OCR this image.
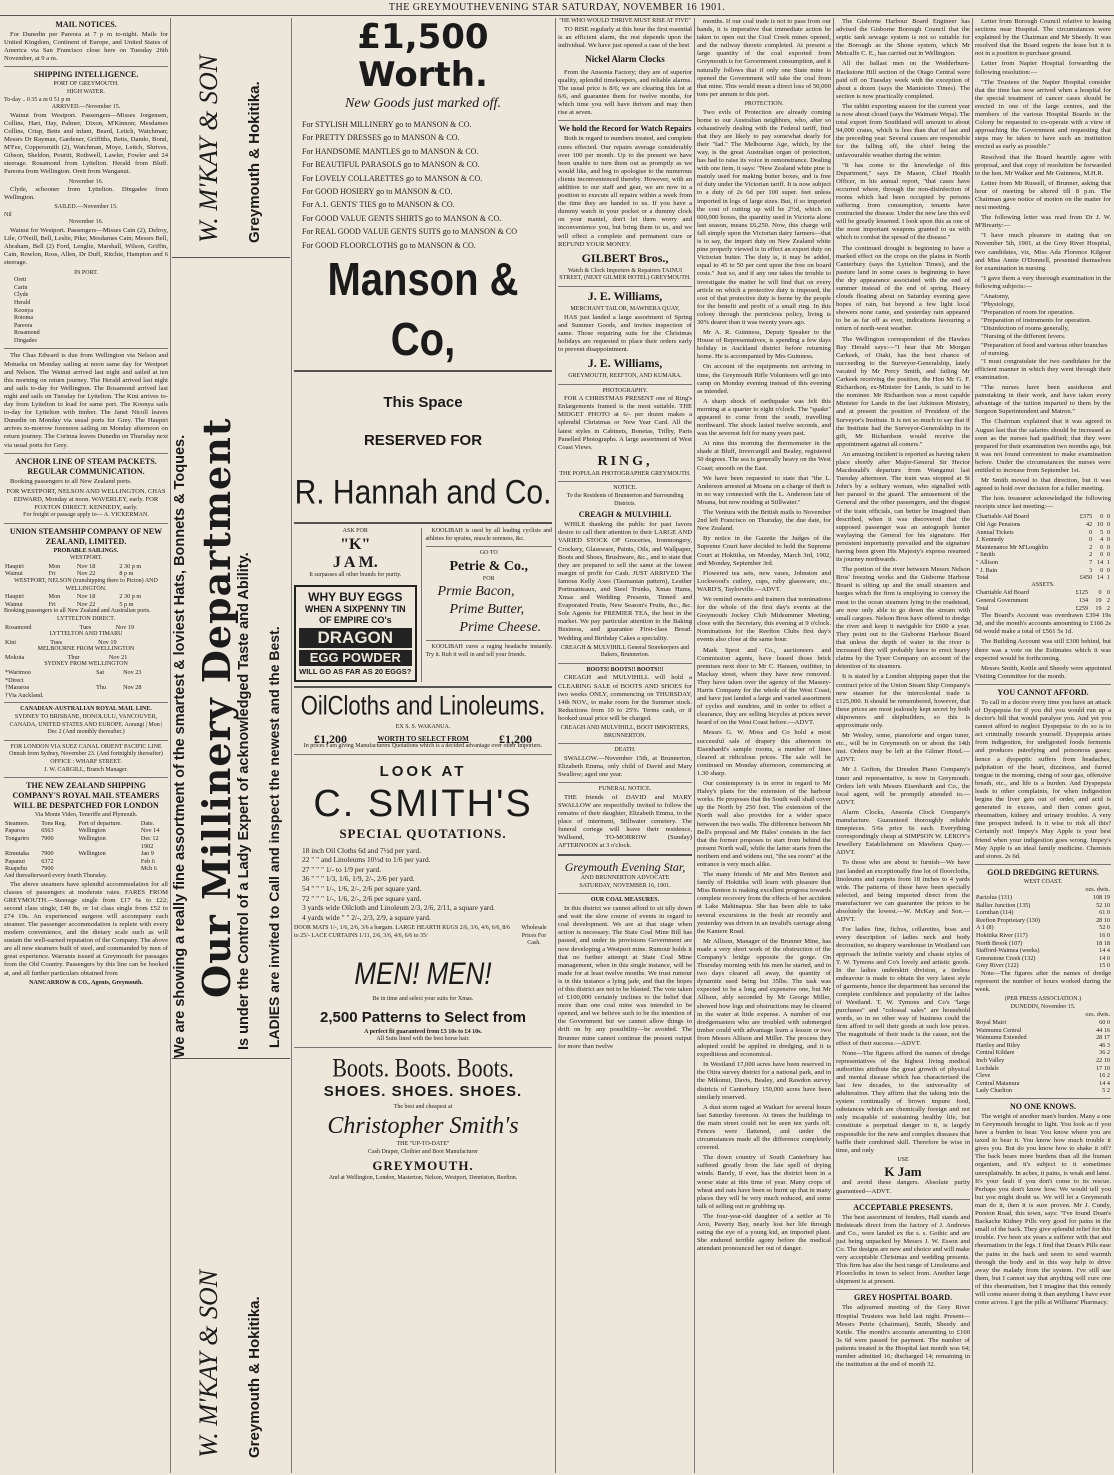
THE GREYMOUTHEVENING STAR SATURDAY, NOVEMBER 16 1901.
MAIL NOTICES.
For Dunedin per Pareora at 7 p m to-night. Mails for United Kingdom, Continent of Europe, and United States of America via San Francisco close here on Tuesday 26th November, at 9 a m.
SHIPPING INTELLIGENCE.
PORT OF GREYMOUTH.
HIGH WATER.
To-day .. 0 35 a m 0 51 p m
ARRIVED.—November 15.
Wainui from Westport. Passengers—Misses Jorgensen, Collins, Hart, Hay, Palmer, Dixon, M'Kinnon; Mesdames Collins, Crisp, Betts and infant, Beard, Leitch, Watchman; Messrs Dr Rayman, Gardener, Griffiths, Betts, Dando, Bond, M'Fee, Coppersmith (2), Watchman, Moye, Leitch, Shrives, Gibson, Sheldon, Pouritt, Rothwell, Lawler, Fowler and 24 steerage. Rosamond from Lyttelton. Herald from Bluff. Pareora from Wellington. Orett from Wanganui.
November 16.
Clyde, schooner from Lyttelton. Dingadee from Wellington.
SAILED.—November 15.
Nil
November 16.
Wainui for Westport. Passengers—Misses Cain (2), Delroy, Lile, O'Neill, Bell, Leslie, Pike; Mesdames Cain; Messrs Bell, Abraham, Bell (2) Ford, Lenglie, Marshall, Wilson, Griffin, Cain, Rowlon, Ross, Allen, Dr Duff, Ritchie, Hampton and 6 steerage.
IN PORT.
Oreti
Carin
Clyde
Herald
Koonya
Rotoma
Pareora
Rosamond
Dingadee
The Chas Edward is due from Wellington via Nelson and Motueka on Monday sailing at noon same day for Westport and Nelson. The Wainui arrived last night and sailed at ten this morning on return journey. The Herald arrived last night and sails to-day for Wellington. The Rosamond arrived last night and sails on Tuesday for Lyttelton. The Kini arrives to-day from Lyttelton to load for same port. The Koonya sails to-day for Lyttelton with timber. The Janet Nicoll leaves Dunedin on Monday via usual ports for Grey. The Haupiri arrives to-morrow forenoon sailing on Monday afternoon on return journey. The Corinna leaves Dunedin on Thursday next via usual ports for Grey.
ANCHOR LINE OF STEAM PACKETS. REGULAR COMMUNICATION.
Booking passengers to all New Zealand ports.
FOR WESTPORT, NELSON AND WELLINGTON. CHAS EDWARD, Monday at noon. WAVERLEY, early. FOR FOXTON DIRECT. KENNEDY, early.
For freight or passage apply to— A. VICKERMAN.
UNION STEAMSHIP COMPANY OF NEW ZEALAND, LIMITED.
PROBABLE SAILINGS.
WESTPORT.
Haupiri	Mon	Nov 18	2 30 p m
Wainui	Fri	Nov 22	8 p m
WESTPORT, NELSON (transhipping there to Picton) AND WELLINGTON.
Haupiri	Mon	Nov 18	2 30 p m
Wainui	Fri	Nov 22	5 p m
Booking passengers to all New Zealand and Australian ports.
LYTTELTON DIRECT.
Rosamond	Tues	Nov 19
LYTTELTON AND TIMARU
Kini	Tues	Nov 19
MELBOURNE FROM WELLINGTON
Mokoia	Thur	Nov 21
SYDNEY FROM WELLINGTON
*Warimoo	Sat	Nov 23
*Direct		
†Mararoa	Thu	Nov 28
†Via Auckland.		
CANADIAN-AUSTRALIAN ROYAL MAIL LINE.
SYDNEY TO BRISBANE, HONOLULU, VANCOUVER, CANADA, UNITED STATES AND EUROPE. Aorangi | Mon | Dec 2 (And monthly thereafter.)
FOR LONDON VIA SUEZ CANAL ORIENT PACIFIC LINE
Omrah from Sydney, November 23. (And fortnightly thereafter)
OFFICE : WHARF STREET.
J. W. CARGILL, Branch Manager.
THE NEW ZEALAND SHIPPING COMPANY'S ROYAL MAIL STEAMERS WILL BE DESPATCHED FOR LONDON
Via Monte Video, Teneriffe and Plymouth.
Steamers.	Tons Reg.	Port of departure.	Date.
Paparoa	6563	Wellington	Nov 14
Tongariro	7900	Wellington	Dec 12
			1902
Rimutaka	7900	Wellington	Jan 9
Papanui	6372		Feb 6
Ruapehu	7900		Mch 6
And thereafterward every fourth Thursday.
The above steamers have splendid accommodation for all classes of passengers at moderate rates. FARES FROM GREYMOUTH.—Steerage single from £17 6s to £22; second class single, £40 8s, or 1st class single from £52 to £74 19s. An experienced surgeon will accompany each steamer. The passenger accommodation is replete with every modern convenience, and the dietary scale such as will sustain the well-earned reputation of the Company. The above are all new steamers built of steel, and commanded by men of great experience. Warrants issued at Greymouth for passages from the Old Country. Passengers by this line can be booked at, and all further particulars obtained from
NANCARROW & CO., Agents, Greymouth.
W. M'KAY & SON Greymouth & Hokitika.
We are showing a really fine assortment of the smartest & loviest Hats, Bonnets & Toques. Our Millinery Department
Is under the Control of a Lady Expert of acknowledged Taste and Ability. LADIES are invited to Call and inspect the newest and the Best.
W. M'KAY & SON Greymouth & Hokitika.
£1,500 Worth.
New Goods just marked off.
For STYLISH MILLINERY go to MANSON & CO.
For PRETTY DRESSES go to MANSON & CO.
For HANDSOME MANTLES go to MANSON & CO.
For BEAUTIFUL PARASOLS go to MANSON & CO.
For LOVELY COLLARETTES go to MANSON & CO.
For GOOD HOSIERY go to MANSON & CO.
For A.1. GENTS' TIES go to MANSON & CO.
For GOOD VALUE GENTS SHIRTS go to MANSON & CO.
For REAL GOOD VALUE GENTS SUITS go to MANSON & CO
For GOOD FLOORCLOTHS go to MANSON & CO.
Manson & Co,
This Space
RESERVED FOR
R. Hannah and Co.
ASK FOR
"K"
J A M.
It surpasses all other brands for purity.
WHY BUY EGGS
WHEN A SIXPENNY TIN
OF EMPIRE CO's
DRAGON
EGG POWDER
WILL GO AS FAR AS 20 EGGS?
KOOLIBAH is used by all leading cyclists and athletes for sprains, muscle soreness, &c.
GO TO
Petrie & Co.,
FOR
Prmie Bacon,
Prime Butter,
Prime Cheese.
KOOLIBAH cures a raging headache instantly. Try it. Rub it well in and tell your friends.
OilCloths and Linoleums.
EX S. S. WAKANUA.
£1,200	WORTH TO SELECT FROM	£1,200
In prices I am giving Manufacturers Quotations which is a decided advantage over other Importers.
LOOK AT
C. SMITH'S
SPECIAL QUOTATIONS.
18 inch Oil Cloths 6d and 7½d per yard.
22 " " and Linoleums 10½d to 1/6 per yard.
27 " " " 1/- to 1/9 per yard.
36 " " " 1/3, 1/6, 1/9, 2/-, 2/6 per yard.
54 " " " 1/-, 1/6, 2/-, 2/6 per square yard.
72 " " " 1/-, 1/6, 2/-, 2/6 per square yard.
3 yards wide Oilcloth and Linoleum 2/3, 2/6, 2/11, a square yard.
4 yards wide " " 2/-, 2/3, 2/9, a square yard.
DOOR MATS 1/-, 1/6, 2/6, 3/6 a bargain. LARGE HEARTH RUGS 2/6, 3/6, 4/6, 6/6, 8/6 to 25/- LACE CURTAINS 1/11, 2/6, 3/6, 4/6, 6/6 to 35/
Wholesale Prices For Cash.
MEN! MEN!
Be in time and select your suits for Xmas.
2,500 Patterns to Select from
A perfect fit guaranteed from £3 10s to £4 10s.
All Suits lined with the best horse hair.
Boots. Boots. Boots.
SHOES. SHOES. SHOES.
The best and cheapest at
Christopher Smith's
THE "UP-TO-DATE"
Cash Draper, Clothier and Boot Manufacturer
GREYMOUTH.
And at Wellington, London, Masterton, Nelson, Westport, Denniston, Reefton.
"HE WHO WOULD THRIVE MUST RISE AT FIVE"
TO RISE regularly at this hour the first essential is an efficient alarm, the rest depends upon the individual. We have just opened a case of the best
Nickel Alarm Clocks
From the Ansonia Factory; they are of superior quality, splendid timekeepers, and reliable alarms. The usual price is 8/6; we are clearing this lot at 6/6, and guarantee them for twelve months, for which time you will have thriven and may then rise at seven.
We hold the Record for Watch Repairs
Both in regard to numbers treated, and complete cures effected. Our repairs average considerably over 100 per month. Up to the present we have been unable to turn them out as promptly as we would like, and beg to apologise to the numerous clients inconvenienced thereby. However, with an addition to our staff and gear, we are now in a position to execute all repairs within a week from the time they are handed to us. If you have a dummy watch in your pocket or a dummy clock on your mantel, don't let them worry and inconvenience you, but bring them to us, and we will effect a complete and permanent cure or REFUND YOUR MONEY.
GILBERT Bros.,
Watch & Clock Importers & Repairers TAINUI STREET, (NEXT GILMER HOTEL) GREYMOUTH.
J. E. Williams,
MERCHANT TAILOR, MAWHERA QUAY,
HAS just landed a large assortment of Spring and Summer Goods, and invites inspection of same. Those requiring suits for the Christmas holidays are requested to place their orders early to prevent disappointment.
J. E. Williams,
GREYMOUTH, REEFTON, AND KUMARA.
PHOTOGRAPHY.
FOR A CHRISTMAS PRESENT one of Ring's Enlargements framed is the most suitable. THE MIDGET PHOTO at 6/- per dozen makes a splendid Christmas or New Year Card. All the latest styles in Cabinets, Bonetas, Trilby, Paris Panelled Photographs. A large assortment of West Coast Views.
RING,
THE POPULAR PHOTOGRAPHER GREYMOUTH.
NOTICE.
To the Residents of Brunnerton and Surrounding Districts.
CREAGH & MULVIHILL
WHILE thanking the public for past favors desire to call their attention to their LARGE AND VARIED STOCK OF Groceries, Ironmongery, Crockery, Glassware, Paints, Oils, and Wallpaper, Boots and Shoes, Brushware, &c., and to state that they are prepared to sell the same at the lowest margin of profit for Cash. JUST ARRIVED The famous Kelly Axes (Tasmanian pattern), Leather Portmanteaux, and Steel Trunks, Xmas Hams, Xmas and Wedding Presents, Tinned and Evaporated Fruits, New Season's Fruits, &c., &c. Sole Agents for PREMIER TEA, the best in the market. We pay particular attention to the Baking Business, and guarantee First-class Bread. Wedding and Birthday Cakes a speciality.
CREAGH & MULVIHILL General Storekeepers and Bakers, Brunnerton.
BOOTS! BOOTS!! BOOTS!!!
CREAGH and MULVIHILL will hold a CLEARING SALE of BOOTS AND SHOES for two weeks ONLY, commencing on THURSDAY, 14th NOV., to make room for the Summer stock. Reductions from 10 to 25%. Terms cash, or if booked usual price will be charged.
CREAGH AND MULVIHILL, BOOT IMPORTERS, BRUNNERTON.
DEATH.
SWALLOW.—November 15th, at Brunnerton, Elizabeth Emma, only child of David and Mary Swallow; aged one year.
FUNERAL NOTICE.
THE friends of DAVID and MARY SWALLOW are respectfully invited to follow the remains of their daughter, Elizabeth Emma, to the place of interment, Stillwater cemetery. The funeral cortege will leave their residence, Wallsend, TO-MORROW (Sunday) AFTERNOON at 3 o'clock.
Greymouth Evening Star,
AND BRUNNERTON ADVOCATE
SATURDAY, NOVEMBER 16, 1901.
OUR COAL MEASURES.
In this district we cannot afford to sit idly down and wait the slow course of events in regard to coal development. We are at that stage when action is necessary. The State Coal Mine Bill has passed, and under its provisions Government are now developing a Westport mine. Rumour holds it that no further attempt at State Coal Mine management, when in this single instance, will be made for at least twelve months. We trust rumour is in this instance a lying jade, and that the hopes of this district are not to be blasted. The vote taken of £100,000 certainly inclines to the belief that more than one coal mine was intended to be opened, and we believe such to be the intention of the Government but we cannot allow things to drift on by any possibility—be avoided. The Brunner mine cannot continue the present output for more than twelve
months. If our coal trade is not to pass from our hands, it is imperative that immediate action be taken to open out the Coal Creek mines opened, and the railway thereto completed. At present a large quantity of the coal exported from Greymouth is for Government consumption, and it naturally follows that if only one State mine is opened the Government will take the coal from that mine. This would mean a direct loss of 50,000 tons per annum to this port.
PROTECTION.
Two evils of Protection are already coming home to our Australian neighbors, who, after so exhaustively dealing with the Federal tariff, find that they are likely to pay somewhat dearly for their "fad." The Melbourne Age, which, by the way, is the great Australian organ of protection, has had to raise its voice in remonstrance. Dealing with one item, it says: "New Zealand white pine is mainly used for making butter boxes, and is free of duty under the Victorian tariff. It is now subject to a duty of 2s 6d per 100 super. feet unless imported in logs of large sizes. But, if so imported the cost of cutting up will be 2½d, which on 600,000 boxes, the quantity used in Victoria alone last season, means £6,250. Now, this charge will fall simply upon the Victorian dairy farmers—that is to say, the import duty on New Zealand white pine properly viewed is in effect an export duty on Victorian butter. The duty is, it may be added, equal to 45 to 50 per cent upon the free on board costs." Just so, and if any one takes the trouble to investigate the matter he will find that on every article on which a protective duty is imposed, the cost of that protective duty is borne by the people for the benefit and profit of a small ring. In this colony through the pernicious policy, living is 30% dearer than it was twenty years ago.
Mr A. R. Guinness, Deputy Speaker to the House of Representatives, is spending a few days holiday in Auckland district before returning home. He is accompanied by Mrs Guinness.
On account of the equipments not arriving in time, the Greymouth Rifle Volunteers will go into camp on Monday evening instead of this evening as intended.
A sharp shock of earthquake was felt this morning at a quarter to eight o'clock. The "quake" appeared to come from the south, travelling northward. The shock lasted twelve seconds, and was the severest felt for many years past.
At nine this morning the thermometer in the shade at Bluff, Invercargill and Bealey, registered 50 degrees. The sea is generally heavy on the West Coast; smooth on the East.
We have been requested to state that "the L. Anderson arrested at Moana on a charge of theft is in no way connected with the L. Anderson late of Moana, but now residing at Stillwater."
The Ventura with the British mails to November 2nd left Francisco on Thursday, the due date, for New Zealand.
By notice in the Gazette the Judges of the Supreme Court have decided to hold the Supreme Court at Hokitika, on Monday, March 3rd, 1902, and Monday, September 3rd.
Flowered tea sets, new vases, Johnston and Lockwood's cutlery, cups, ruby glassware, etc., WARD'S, Taylorville.—ADVT.
We remind owners and trainers that nominations for the whole of the first day's events at the Greymouth Jockey Club Midsummer Meeting, close with the Secretary, this evening at 9 o'clock. Nominations for the Reefton Clubs first day's events also close at the same hour.
Mark Sprot and Co., auctioneers and Commission agents, have leased those brick premises next door to Mr C. Hansen, outfitter, in Mackay street, where they have now removed. They have taken over the agency of the Massey-Harris Company for the whole of the West Coast, and have just landed a large and varied assortment of cycles and sundries, and in order to effect a clearance, they are selling bicycles at prices never heard of on the West Coast before.—ADVT.
Messrs G. W. Moss and Co hold a most successful sale of drapery this afternoon in Eisenhardt's sample rooms, a number of lines cleared at ridiculous prices. The sale will be continued on Monday afternoon, commencing at 1.30 sharp.
Our contemporary is in error in regard to Mr Haley's plans for the extension of the harbour works. He proposes that the South wall shall cover up the North by 250 feet. The extension of the North wall also provides for a wider space between the two walls. The difference between Mr Bell's proposal and Mr Hales' consists in the fact that the former proposes to start from behind the present North wall, while the latter starts from the northern end and widens out, "the sea room" at the entrance is very much alike.
The many friends of Mr and Mrs Renton and family of Hokitika will learn with pleasure that Miss Renton is making excellent progress towards complete recovery from the effects of her accident at Lake Mahinapua. She has been able to take several excursions in the fresh air recently and yesterday was driven in an invalid's carriage along the Kaniere Road.
Mr Allison, Manager of the Brunner Mine, has made a very short work of the obstruction of the Company's bridge opposite the gorge. On Thursday morning with his men he started, and in two days cleared all away, the quantity of dynamite used being but 35lbs. The task was expected to be a long and expensive one, but Mr Allison, ably seconded by Mr George Miller, showed how logs and obstructions may be cleared in the water at little expense. A number of our dredgemasters who are troubled with submerged timber could with advantage learn a lesson or two from Messrs Allison and Miller. The process they adopted could be applied in dredging, and it is expeditious and economical.
In Westland 17,000 acres have been reserved in the Otira survey district for a national park, and in the Mikonui, Davis, Bealey, and Rawdon survey districts of Canterbury 150,000 acres have been similarly reserved.
A dust storm raged at Waikari for several hours last Saturday forenoon. At times the buildings in the main street could not be seen ten yards off. Fences were flattened, and under the circumstances made all the difference completely covered.
The down country of South Canterbury has suffered greatly from the late spell of drying winds. Barely, if ever, has the district been in a worse state at this time of year. Many crops of wheat and oats have been so burnt up that in many places they will be very much reduced, and some talk of selling out or grubbing up.
The four-year-old daughter of a settler at Te Aroi, Paverty Bay, nearly lost her life through eating the eye of a young kid, an imported plant. She endured terrible agony before the medical attendant pronounced her out of danger.
The Gisborne Harbour Board Engineer has advised the Gisborne Borough Council that the septic tank sewage system is not so suitable for the Borough as the Shone system, which Mr Metcalfe C. E., has carried out in Wellington.
All the ballast men on the Wedderburn-Hackstone Hill section of the Otago Central were paid off on Tuesday week with the exception of about a dozen (says the Maniototo Times). The section is now practically completed.
The rabbit exporting season for the current year is now about closed (says the Waimate Wepa). The total export from Southland will amount to about 94,000 crates, which is less than that of last and the preceding year. Several causes are responsible for the falling off, the chief being the unfavourable weather during the winter.
"It has come to the knowledge of this Department," says Dr Mason, Chief Health Officer, in his annual report, "that cases have occurred where, through the non-disinfection of rooms which had been occupied by persons suffering from consumption, tenants have contracted the disease. Under the new law this evil will be greatly lessened. I look upon this as one of the most important weapons granted to us with which to combat the spread of the disease."
The continued drought is beginning to have a marked effect on the crops on the plains in North Canterbury (says the Lyttelton Times), and the pasture land in some cases is beginning to have the dry appearance associated with the end of summer instead of the end of spring. Heavy clouds floating about on Saturday evening gave hopes of rain, but beyond a few light local showers none came, and yesterday rain appeared to be as far off as ever, indications favouring a return of north-west weather.
The Wellington correspondent of the Hawkes Bay Herald says:—"I hear that Mr Morgan Carkeek, of Otaki, has the best chance of succeeding to the Surveyor-Generalship, lately vacated by Mr Percy Smith, and failing Mr Carkeek receiving the position, the Hon Mr G. F. Richardson, ex-Minister for Lands, is said to be the nominee. Mr Richardson was a most capable Minister for Lands in the last Atkinson Ministry, and at present the position of President of the Surveyor's Institute. It is not so much to say that if the Institute had the Surveyor-Generalship in its gift, Mr Richardson would receive the appointment against all comers."
An amusing incident is reported as having taken place shortly after Major-General Sir Hector Macdonald's departure from Wanganui last Tuesday afternoon. The train was stopped at St John's by a solitary woman, who signalled with her parasol to the guard. The amusement of the General and the other passengers, and the disgust of the train officials, can better be imagined than described, when it was discovered that the supposed passenger was an autograph hunter waylaying the General for his signature. Her persistent importunity prevailed and the signature having been given His Majesty's express resumed its journey northwards.
The portion of the river between Messrs Nelson Bros' freezing works and the Gisborne Harbour Board is silting up and the small steamers and barges which the firm is employing to convey the meat to the ocean steamers lying in the roadstead, are now only able to go down the stream with small cargoes. Nelson Bros have offered to dredge the river and keep it navigable for £600 a year. They point out to the Gisborne Harbour Board that unless the depth of water in the river is increased they will probably have to erect heavy claims by the Tyser Company on account of the detention of its steamers.
It is stated by a London shipping paper that the contract price of the Union Steam Ship Company's new steamer for the intercolonial trade is £125,000. It should be remembered, however, that these prices are most jealously kept secret by both shipowners and shipbuilders, so this is approximate only.
Mr Wesley, some, pianoforte and organ tuner, etc., will be in Greymouth on or about the 14th inst. Orders may be left at the Gilmer Hotel.—ADVT.
Mr J. Gofton, the Dresden Piano Company's tuner and representative, is now in Greymouth. Orders left with Messrs Eisenhardt and Co., the local agent, will be promptly attended to.—ADVT.
Alarm Clocks, Ansonia Clock Company's manufacture. Guaranteed thoroughly reliable timepieces. 5/6s price 6s each. Everything correspondingly cheap at SIMPSON W. LEROY's Jewellery Establishment on Mawhera Quay.—ADVT.
To those who are about to furnish—We have just landed an exceptionally fine lot of floorcloths, linoleums and carpets from 18 inches to 4 yards wide. The patterns of these have been specially selected, and being imported direct from the manufacturer we can guarantee the prices to be absolutely the lowest.—W. McKay and Son.—ADVT.
For ladies fine, fichus, collarettes, boas and every description of ladies neck and body decoration, no drapery warehouse in Westland can approach the infinite variety and chaste styles of T. W. Tymons and Co's lovely and artistic goods. In the ladies underskirt division, a tireless endeavour is made to obtain the very latest style of garments, hence the department has secured the complete confidence and popularity of the ladies of Westland. T. W. Tymons and Co's "large purchases" and "colossal sales" are household words, so in no other way of business could the firm afford to sell their goods at such low prices. The magnitude of their trade is the cause, not the effect of their success.—ADVT.
None—The figures afford the names of dredge representatives of the highest living medical authorities attribute the great growth of physical and mental disease which has characterised the last few decades, to the universality of adulteration. They affirm that the taking into the system continually of brown impure food, substances which are chemically foreign and not only incapable of sustaining healthy life, but constitute a perpetual danger to it, is largely responsible for the new and complex diseases that baffle their combined skill. Therefore be wise in time, and only
USE
K Jam
and avoid these dangers. Absolute purity guaranteed—ADVT.
ACCEPTABLE PRESENTS.
The best assortment of fenders, Hall stands and Bedsteads direct from the factory of J. Andrews and Co., were landed ex the s. s. Gothic and are just being unpacked by Messrs J. W. Esson and Co. The designs are new and choice and will make very acceptable Christmas and wedding presents. This firm has also the best range of Linoleums and Floorcloths in town to select from. Another large shipment is at present.
GREY HOSPITAL BOARD.
The adjourned meeting of the Grey River Hospital Trustees was held last night. Present—Messrs Petrie (chairman), Smith, Sheedy and Kettle. The month's accounts amounting to £160 3s 6d were passed for payment. The number of patients treated in the Hospital last month was 64; number admitted 16; discharged 14; remaining in the institution at the end of month 32.
Letter from Borough Council relative to leasing sections near Hospital. The circumstances were explained by the Chairman and Mr Sheedy. It was resolved that the Board regrets the lease but it is not in a position to purchase ground.
Letter from Napier Hospital forwarding the following resolution:—
"The Trustees of the Napier Hospital consider that the time has now arrived when a hospital for the special treatment of cancer cases should be erected in one of the large centres, and the members of the various Hospital Boards in the Colony be requested to co-operate with a view of approaching the Government and requesting that steps may be taken to have such an institution erected as early as possible."
Resolved that the Board heartily agree with proposal, and that copy of resolution be forwarded to the hon. Mr Walker and Mr Guinness, M.H.R.
Letter from Mr Russell, of Brunner, asking that hour of meeting be altered till 8 p.m. The Chairman gave notice of motion on the matter for next meeting.
The following letter was read from Dr J. W. M'Brearty:—
"I have much pleasure in stating that on November 5th, 1901, at the Grey River Hospital, two candidates, viz, Miss Ada Florence Kilgour and Miss Annie O'Donnell, presented themselves for examination in nursing.
"I gave them a very thorough examination in the following subjects:—
"Anatomy,
"Physiology,
"Preparation of room for operation.
"Preparation of instruments for operation.
"Disinfection of rooms generally,
"Nursing of the different fevers.
"Preparation of food and various other branches of nursing.
"I must congratulate the two candidates for the efficient manner in which they went through their examination.
"The nurses have been assiduous and painstaking in their work, and have taken every advantage of the tuition imparted to them by the Surgeon Superintendent and Matron."
The Chairman explained that it was agreed in August last that the salaries should be increased as soon as the nurses had qualified; that they were prepared for their examination two months ago, but it was not found convenient to make examination before. Under the circumstances the nurses were entitled to increase from September 1st.
Mr Smith moved to that direction, but it was agreed to hold over decision for a fuller meeting.
The hon. treasurer acknowledged the following receipts since last meeting:—
Charitable Aid Board	£375	0	0
Old Age Pensions	42	10	0
Annual Tickets	0	5	0
J. Kennedy	0	4	0
Maintenance Mr M'Loughlin	2	0	0
" Smith	2	0	0
" Allison	7	14	1
" J. Bain	3	0	0
Total	£450	14	1
ASSETS.
Charitable Aid Board	£125	0	0
General Government	134	19	2
Total	£259	19	2
The Board's Account was overdrawn £394 19s 3d, and the month's accounts amounting to £166 2s 6d would make a total of £561 5s 1d.
The Building Account was still £300 behind, but there was a vote on the Estimates which it was expected would be forthcoming.
Messrs Smith, Kettle and Sheedy were appointed Visiting Committee for the month.
YOU CANNOT AFFORD.
To call in a doctor every time you have an attack of Dyspepsia for if you did you would run up a doctor's bill that would paralyse you. And yet you cannot afford to neglect Dyspepsia: to do so is to act criminally towards yourself. Dyspepsia arises from indigestion, for undigested foods ferments and produces putrefying and poisonous gases; hence a dyspeptic suffers from headaches, palpitation of the heart, dizziness, and furred tongue in the morning, rising of sour gas, offensive breath, etc., and life is a burden. And Dyspepsia leads to other complaints, for when indigestion begins the liver gets out of order, and acid is generated in excess, and then comes gout, rheumatism, kidney and urinary troubles. A very fine prospect indeed. Is it wise to risk all this? Certainly not! Impey's May Apple is your best friend when your indigestion goes wrong. Impey's May Apple is an ideal family medicine. Chemists and stores. 2s 6d.
GOLD DREDGING RETURNS.
WEST COAST.
	ozs. dwts.
Pactolus (131)	108 19
Ballier Junction (135)	52 10
Lornthan (114)	61 0
Reefton Proprietary (130)	28 10
A 1 (8)	52 0
Hokitika River (117)	16 0
North Brook (107)	18 18
Stafford-Waimea (weeks)	14 4
Greenstone Creek (132)	14 0
Grey River (122)	15 0
Note—The figures after the names of dredge represent the number of hours worked during the week.
(PER PRESS ASSOCIATION.)
DUNEDIN, November 15.
	ozs. dwts.
Royal Mairi	60 0
Waimumu Central	44 16
Waimumu Extended	28 17
Hartley and Riley	46 3
Central Kildare	36 2
Inch Valley	22 10
Lochdale	17 10
Cleve	16 2
Central Matanura	14 4
Lady Charlton	5 2
NO ONE KNOWS.
The weight of another man's burden. Many a one in Greymouth brought to light. You look as if you have a burden to bear. You know where you are taxed to bear it. You know how much trouble it gives you. But do you know how to shake it off? The back bears more burdens than all the human organism, and it's subject to it sometimes unexplainably. In aches, it pains, is weak and lame. It's your fault if you don't come to its rescue. Perhaps you don't know how. We would tell you but you might doubt us. We will let a Greymouth man do it, then it is sure proven. Mr J. Cundy, Preston Road, this town, says: "I've found Doan's Backache Kidney Pills very good for pains in the small of the back. They give splendid relief for this trouble. I've been six years a sufferer with that and rheumatism in the legs. I find that Doan's Pills ease the pains in the back and seem to send warmth through the body and in this way help to drive away the malady from the system. I've still use them, but I cannot say that anything will cure one of this rheumatism, but I imagine that this remedy will come nearer doing it than anything I have ever come across. I got the pills at Williams' Pharmacy.
